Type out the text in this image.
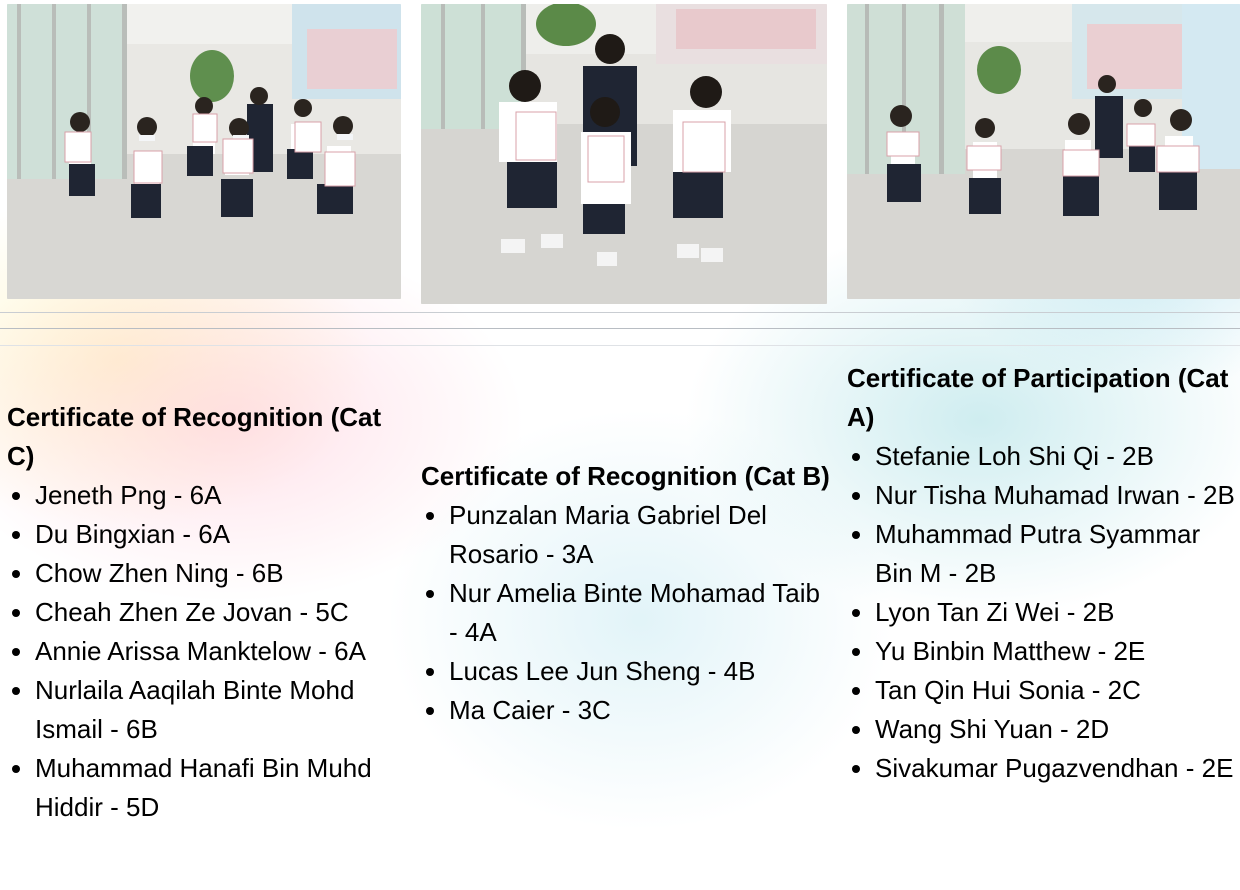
Certificate of Recognition (Cat C)
• Jeneth Png - 6A
• Du Bingxian - 6A
• Chow Zhen Ning - 6B
• Cheah Zhen Ze Jovan - 5C
• Annie Arissa Manktelow - 6A
• Nurlaila Aaqilah Binte Mohd Ismail - 6B
• Muhammad Hanafi Bin Muhd Hiddir - 5D
Certificate of Recognition (Cat B)
• Punzalan Maria Gabriel Del Rosario - 3A
• Nur Amelia Binte Mohamad Taib - 4A
• Lucas Lee Jun Sheng - 4B
• Ma Caier - 3C
Certificate of Participation (Cat A)
• Stefanie Loh Shi Qi - 2B
• Nur Tisha Muhamad Irwan - 2B
• Muhammad Putra Syammar Bin M - 2B
• Lyon Tan Zi Wei - 2B
• Yu Binbin Matthew - 2E
• Tan Qin Hui Sonia - 2C
• Wang Shi Yuan - 2D
• Sivakumar Pugazvendhan - 2E
